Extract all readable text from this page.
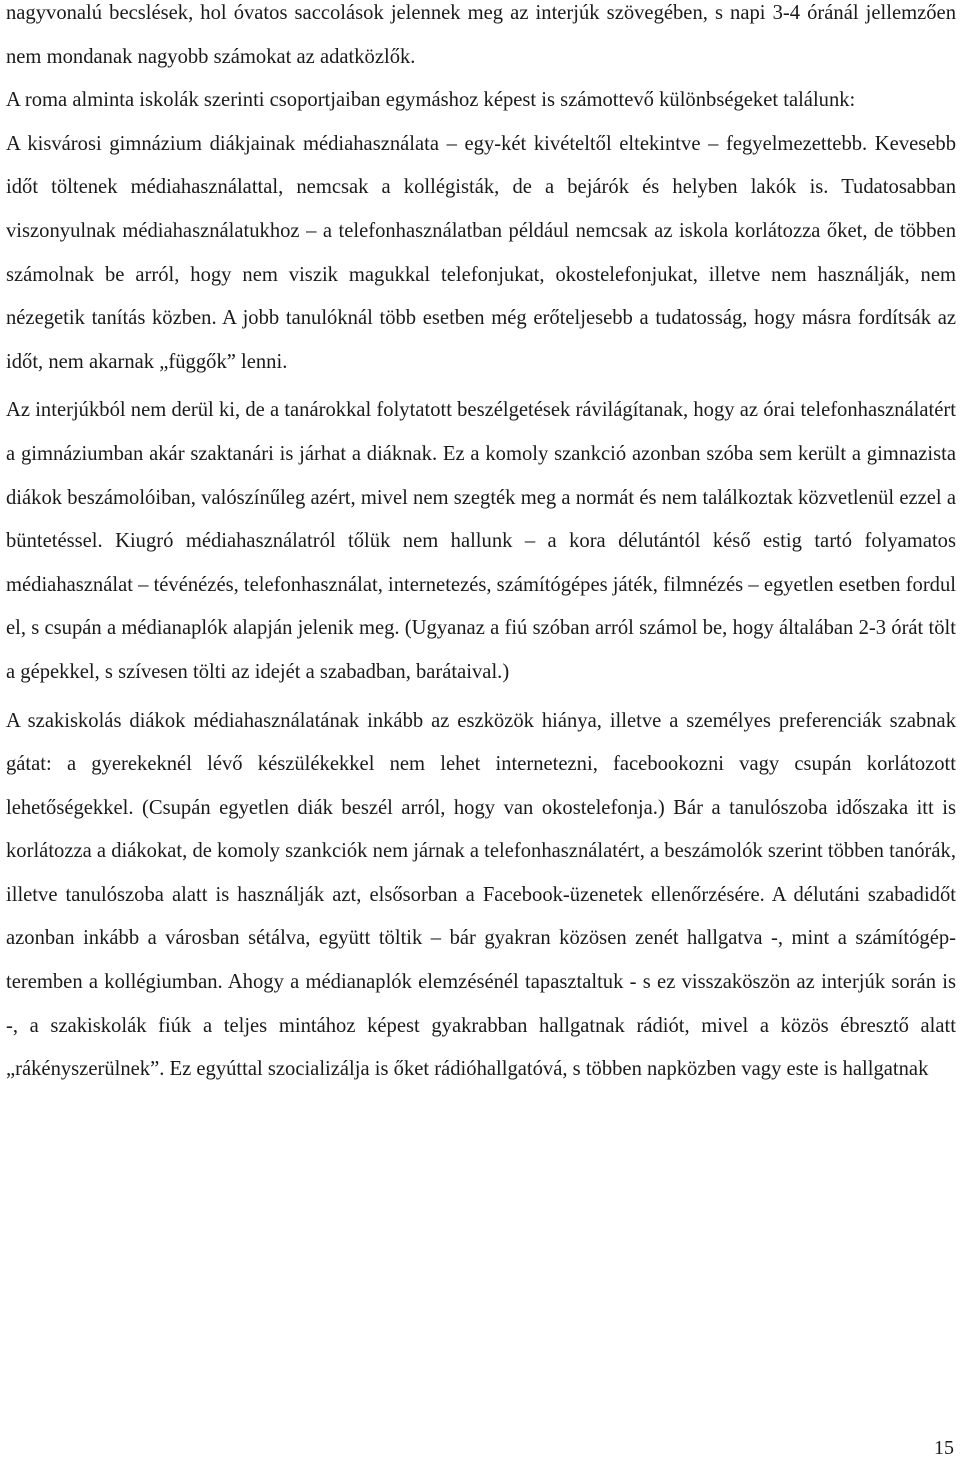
nagyvonalú becslések, hol óvatos saccolások jelennek meg az interjúk szövegében, s napi 3-4 óránál jellemzően nem mondanak nagyobb számokat az adatközlők.

A roma alminta iskolák szerinti csoportjaiban egymáshoz képest is számottevő különbségeket találunk:

A kisvárosi gimnázium diákjainak médiahasználata – egy-két kivételtől eltekintve – fegyelmezettebb. Kevesebb időt töltenek médiahasználattal, nemcsak a kollégisták, de a bejárók és helyben lakók is. Tudatosabban viszonyulnak médiahasználatukhoz – a telefonhasználatban például nemcsak az iskola korlátozza őket, de többen számolnak be arról, hogy nem viszik magukkal telefonjukat, okostelefonjukat, illetve nem használják, nem nézegetik tanítás közben. A jobb tanulóknál több esetben még erőteljesebb a tudatosság, hogy másra fordítsák az időt, nem akarnak „függők” lenni.

Az interjúkból nem derül ki, de a tanárokkal folytatott beszélgetések rávilágítanak, hogy az órai telefonhasználatért a gimnáziumban akár szaktanári is járhat a diáknak. Ez a komoly szankció azonban szóba sem került a gimnazista diákok beszámolóiban, valószínűleg azért, mivel nem szegték meg a normát és nem találkoztak közvetlenül ezzel a büntetéssel. Kiugró médiahasználatról tőlük nem hallunk – a kora délutántól késő estig tartó folyamatos médiahasználat – tévénézés, telefonhasználat, internetezés, számítógépes játék, filmnézés – egyetlen esetben fordul el, s csupán a médianaplók alapján jelenik meg. (Ugyanaz a fiú szóban arról számol be, hogy általában 2-3 órát tölt a gépekkel, s szívesen tölti az idejét a szabadban, barátaival.)

A szakiskolás diákok médiahasználatának inkább az eszközök hiánya, illetve a személyes preferenciák szabnak gátat: a gyerekeknél lévő készülékekkel nem lehet internetezni, facebookozni vagy csupán korlátozott lehetőségekkel. (Csupán egyetlen diák beszél arról, hogy van okostelefonja.) Bár a tanulószoba időszaka itt is korlátozza a diákokat, de komoly szankciók nem járnak a telefonhasználatért, a beszámolók szerint többen tanórák, illetve tanulószoba alatt is használják azt, elsősorban a Facebook-üzenetek ellenőrzésére. A délutáni szabadidőt azonban inkább a városban sétálva, együtt töltik – bár gyakran közösen zenét hallgatva -, mint a számítógép-teremben a kollégiumban. Ahogy a médianaplók elemzésénél tapasztaltuk - s ez visszaköszön az interjúk során is -, a szakiskolák fiúk a teljes mintához képest gyakrabban hallgatnak rádiót, mivel a közös ébresztő alatt „rákényszerülnek”. Ez egyúttal szocializálja is őket rádióhallgatóvá, s többen napközben vagy este is hallgatnak

15
